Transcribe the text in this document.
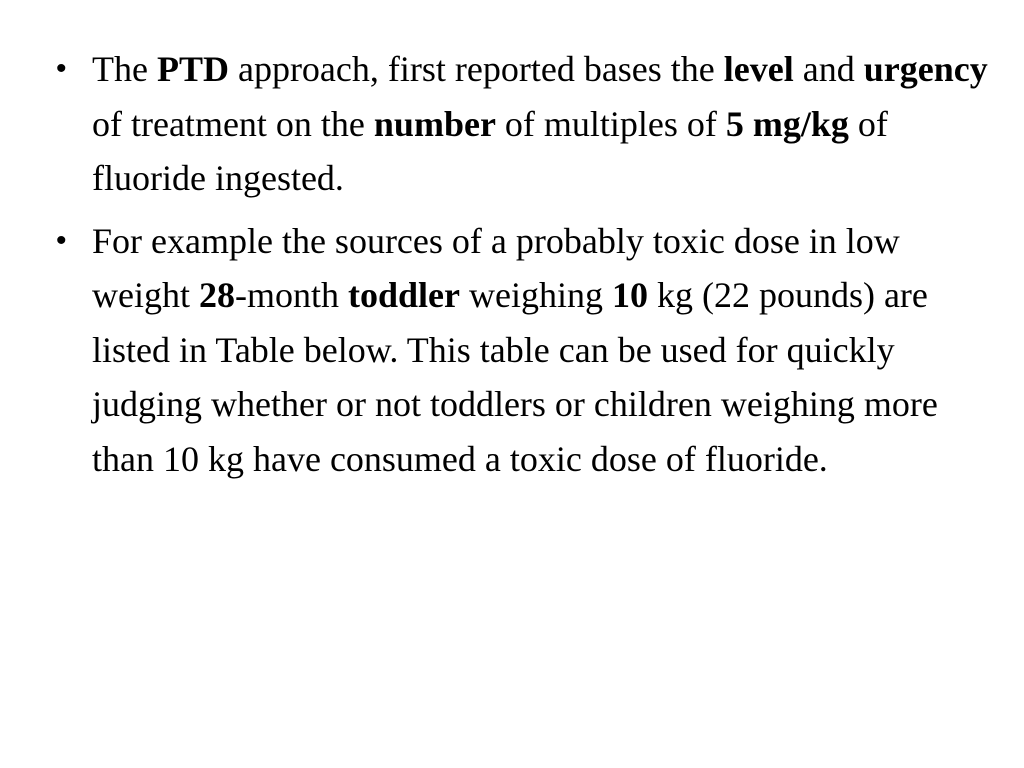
• The PTD approach, first reported bases the level and urgency of treatment on the number of multiples of 5 mg/kg of fluoride ingested.
• For example the sources of a probably toxic dose in low weight 28-month toddler weighing 10 kg (22 pounds) are listed in Table below. This table can be used for quickly judging whether or not toddlers or children weighing more than 10 kg have consumed a toxic dose of fluoride.
